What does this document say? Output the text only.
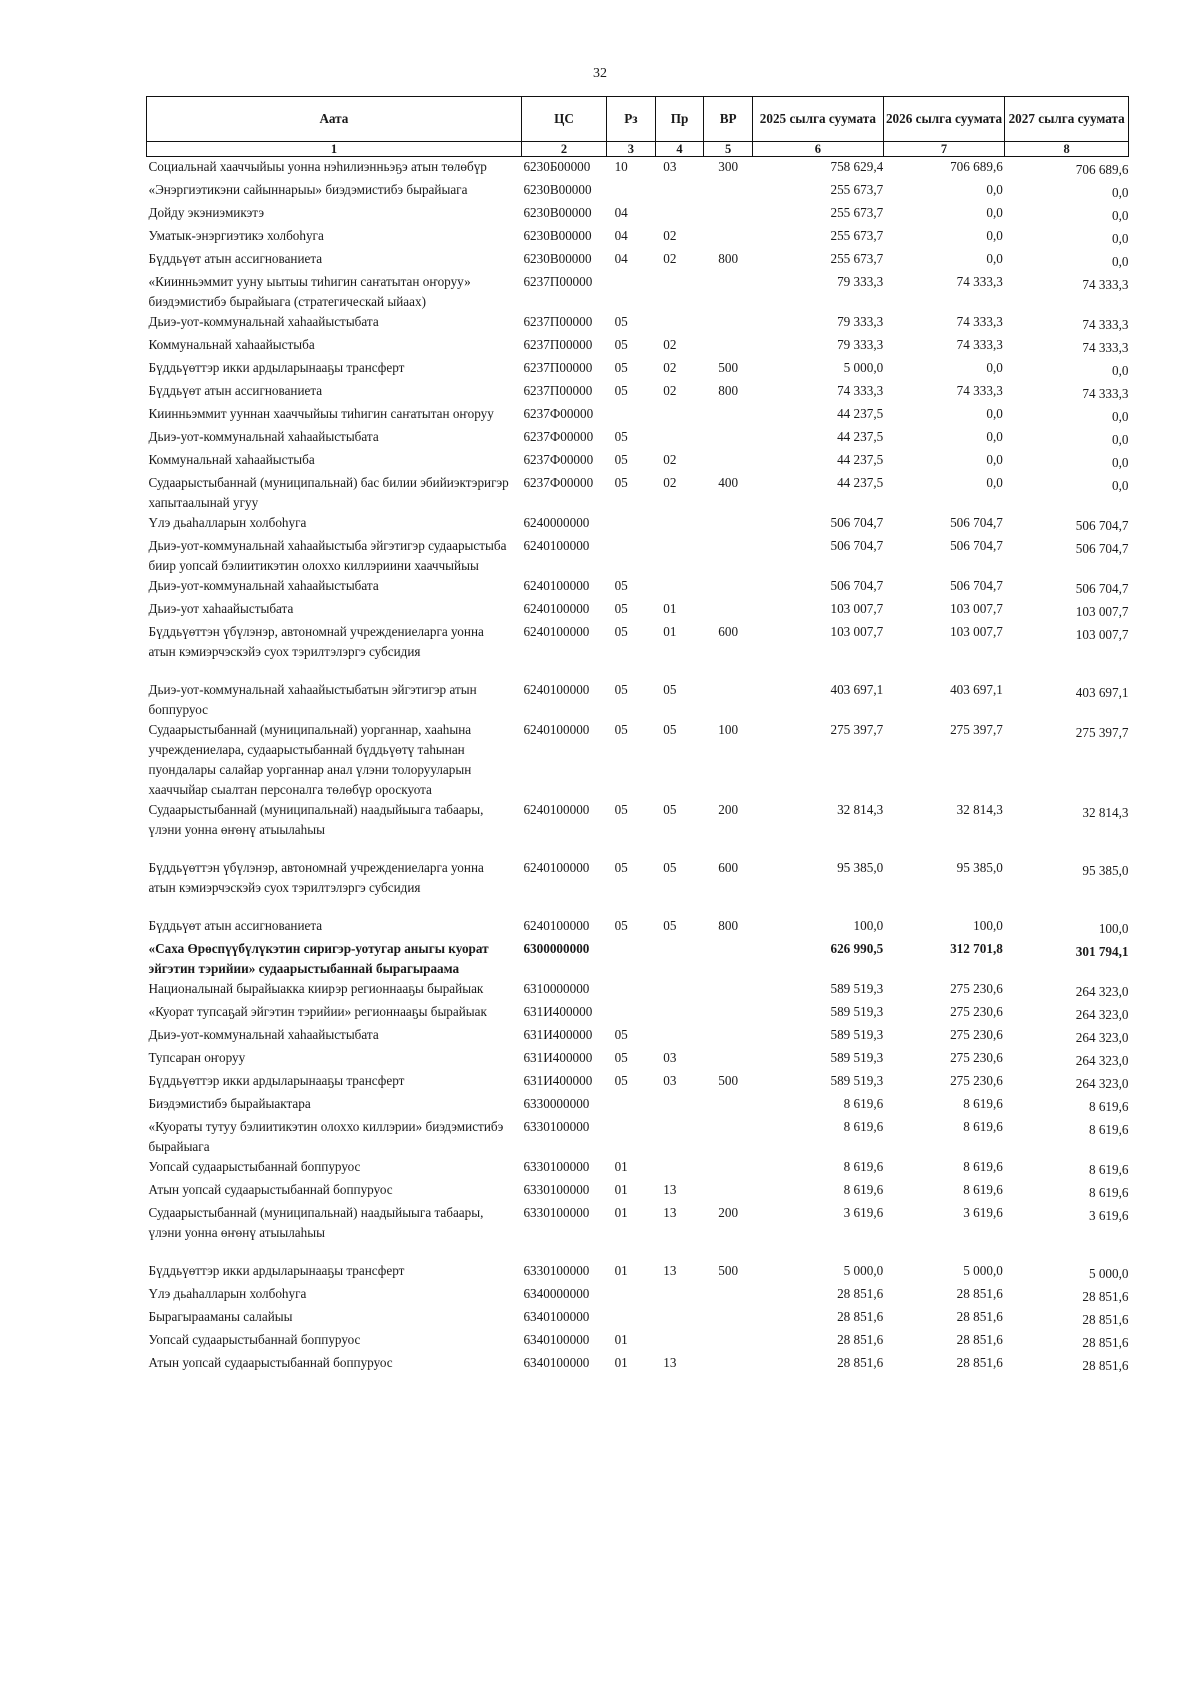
32
Аата	ЦС	Рз	Пр	ВР	2025 сылга суумата	2026 сылга суумата	2027 сылга суумата
1	2	3	4	5	6	7	8
Социальнай хааччыйыы уонна нэһилиэнньэҕэ атын төлөбүр	6230Б00000	10	03	300	758 629,4	706 689,6	706 689,6
«Энэргиэтикэни сайыннарыы» биэдэмистибэ бырайыага	6230В00000				255 673,7	0,0	0,0
Дойду экэниэмикэтэ	6230В00000	04			255 673,7	0,0	0,0
Уматык-энэргиэтикэ холбоһуга	6230В00000	04	02		255 673,7	0,0	0,0
Бүддьүөт атын ассигнованиета	6230В00000	04	02	800	255 673,7	0,0	0,0
«Киинньэммит ууну ыытыы тиһигин саҥатытан оҥоруу» биэдэмистибэ бырайыага (стратегическай ыйаах)	6237П00000				79 333,3	74 333,3	74 333,3
Дьиэ-уот-коммунальнай хаһаайыстыбата	6237П00000	05			79 333,3	74 333,3	74 333,3
Коммунальнай хаһаайыстыба	6237П00000	05	02		79 333,3	74 333,3	74 333,3
Бүддьүөттэр икки ардыларынааҕы трансферт	6237П00000	05	02	500	5 000,0	0,0	0,0
Бүддьүөт атын ассигнованиета	6237П00000	05	02	800	74 333,3	74 333,3	74 333,3
Киинньэммит ууннан хааччыйыы тиһигин саҥатытан оҥоруу	6237Ф00000				44 237,5	0,0	0,0
Дьиэ-уот-коммунальнай хаһаайыстыбата	6237Ф00000	05			44 237,5	0,0	0,0
Коммунальнай хаһаайыстыба	6237Ф00000	05	02		44 237,5	0,0	0,0
Судаарыстыбаннай (муниципальнай) бас билии эбийиэктэригэр хапытаалынай угуу	6237Ф00000	05	02	400	44 237,5	0,0	0,0
Үлэ дьаһалларын холбоһуга	6240000000				506 704,7	506 704,7	506 704,7
Дьиэ-уот-коммунальнай хаһаайыстыба эйгэтигэр судаарыстыба биир уопсай бэлиитикэтин олоххо киллэриини хааччыйыы	6240100000				506 704,7	506 704,7	506 704,7
Дьиэ-уот-коммунальнай хаһаайыстыбата	6240100000	05			506 704,7	506 704,7	506 704,7
Дьиэ-уот хаһаайыстыбата	6240100000	05	01		103 007,7	103 007,7	103 007,7
Бүддьүөттэн үбүлэнэр, автономнай учреждениеларга уонна атын кэмиэрчэскэйэ суох тэрилтэлэргэ субсидия	6240100000	05	01	600	103 007,7	103 007,7	103 007,7
Дьиэ-уот-коммунальнай хаһаайыстыбатын эйгэтигэр атын боппуруос	6240100000	05	05		403 697,1	403 697,1	403 697,1
Судаарыстыбаннай (муниципальнай) уорганнар, хааһына учреждениелара, судаарыстыбаннай бүддьүөтү таһынан пуондалары салайар уорганнар анал үлэни толорууларын хааччыйар сыалтан персоналга төлөбүр ороскуота	6240100000	05	05	100	275 397,7	275 397,7	275 397,7
Судаарыстыбаннай (муниципальнай) наадыйыыга табаары, үлэни уонна өҥөнү атыылаһыы	6240100000	05	05	200	32 814,3	32 814,3	32 814,3
Бүддьүөттэн үбүлэнэр, автономнай учреждениеларга уонна атын кэмиэрчэскэйэ суох тэрилтэлэргэ субсидия	6240100000	05	05	600	95 385,0	95 385,0	95 385,0
Бүддьүөт атын ассигнованиета	6240100000	05	05	800	100,0	100,0	100,0
«Саха Өрөспүүбүлүкэтин сиригэр-уотугар аныгы куорат эйгэтин тэрийии» судаарыстыбаннай бырагыраама	6300000000				626 990,5	312 701,8	301 794,1
Националынай бырайыакка киирэр регионнааҕы бырайыак	6310000000				589 519,3	275 230,6	264 323,0
«Куорат тупсаҕай эйгэтин тэрийии» регионнааҕы бырайыак	631И400000				589 519,3	275 230,6	264 323,0
Дьиэ-уот-коммунальнай хаһаайыстыбата	631И400000	05			589 519,3	275 230,6	264 323,0
Тупсаран оҥоруу	631И400000	05	03		589 519,3	275 230,6	264 323,0
Бүддьүөттэр икки ардыларынааҕы трансферт	631И400000	05	03	500	589 519,3	275 230,6	264 323,0
Биэдэмистибэ бырайыактара	6330000000				8 619,6	8 619,6	8 619,6
«Куораты тутуу бэлиитикэтин олоххо киллэрии» биэдэмистибэ бырайыага	6330100000				8 619,6	8 619,6	8 619,6
Уопсай судаарыстыбаннай боппуруос	6330100000	01			8 619,6	8 619,6	8 619,6
Атын уопсай судаарыстыбаннай боппуруос	6330100000	01	13		8 619,6	8 619,6	8 619,6
Судаарыстыбаннай (муниципальнай) наадыйыыга табаары, үлэни уонна өҥөнү атыылаһыы	6330100000	01	13	200	3 619,6	3 619,6	3 619,6
Бүддьүөттэр икки ардыларынааҕы трансферт	6330100000	01	13	500	5 000,0	5 000,0	5 000,0
Үлэ дьаһалларын холбоһуга	6340000000				28 851,6	28 851,6	28 851,6
Бырагырааманы салайыы	6340100000				28 851,6	28 851,6	28 851,6
Уопсай судаарыстыбаннай боппуруос	6340100000	01			28 851,6	28 851,6	28 851,6
Атын уопсай судаарыстыбаннай боппуруос	6340100000	01	13		28 851,6	28 851,6	28 851,6
